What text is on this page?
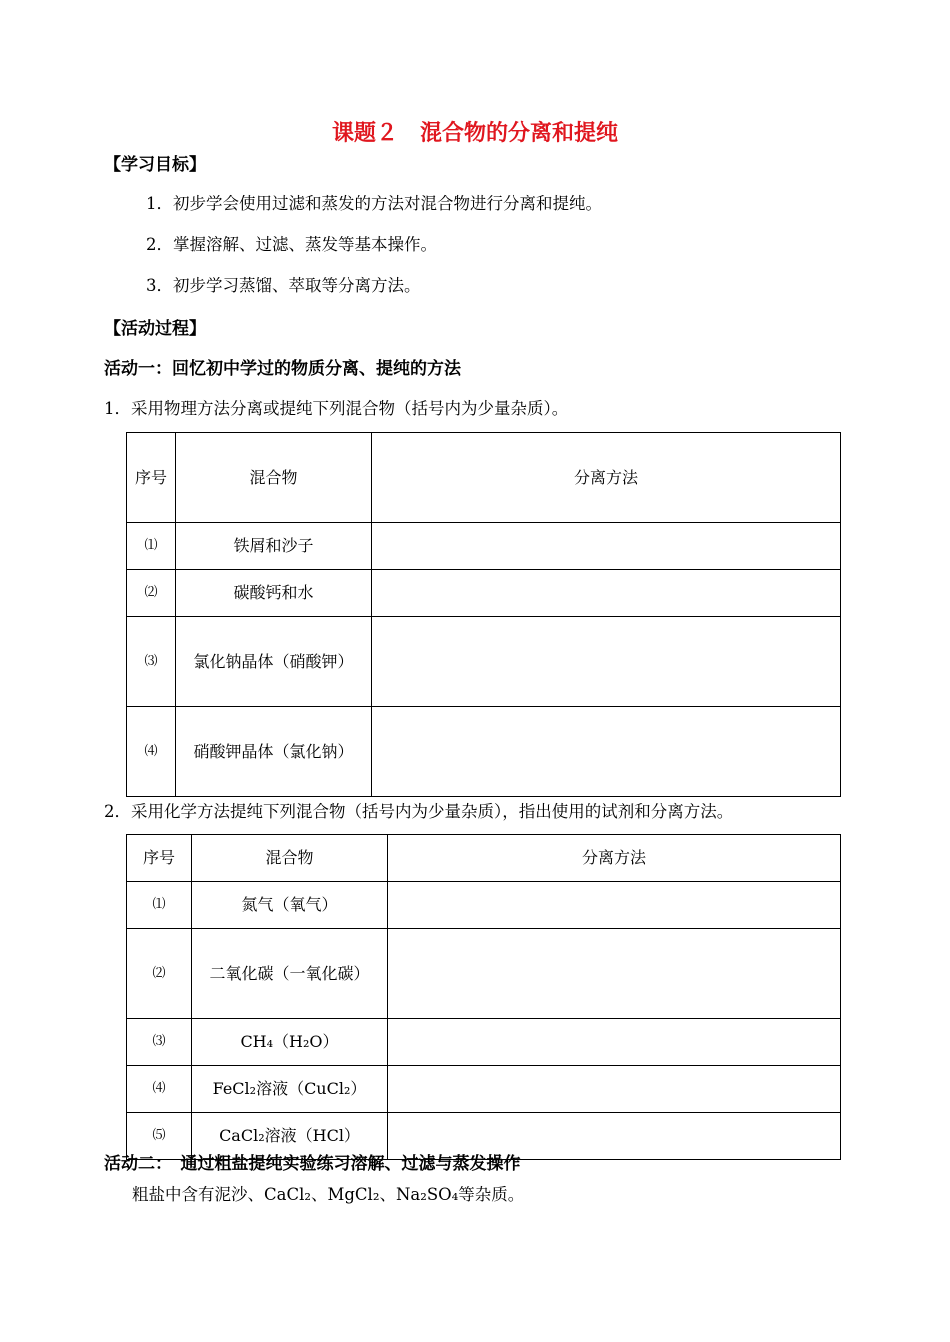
课题２　混合物的分离和提纯
【学习目标】
1．初步学会使用过滤和蒸发的方法对混合物进行分离和提纯。
2．掌握溶解、过滤、蒸发等基本操作。
3．初步学习蒸馏、萃取等分离方法。
【活动过程】
活动一：回忆初中学过的物质分离、提纯的方法
1．采用物理方法分离或提纯下列混合物（括号内为少量杂质）。
序号	混合物	分离方法
⑴	铁屑和沙子	
⑵	碳酸钙和水	
⑶	氯化钠晶体（硝酸钾）	
⑷	硝酸钾晶体（氯化钠）	
2．采用化学方法提纯下列混合物（括号内为少量杂质），指出使用的试剂和分离方法。
序号	混合物	分离方法
⑴	氮气（氧气）	
⑵	二氧化碳（一氧化碳）	
⑶	CH₄（H₂O）	
⑷	FeCl₂溶液（CuCl₂）	
⑸	CaCl₂溶液（HCl）	
活动二：　通过粗盐提纯实验练习溶解、过滤与蒸发操作
粗盐中含有泥沙、CaCl₂、MgCl₂、Na₂SO₄等杂质。
